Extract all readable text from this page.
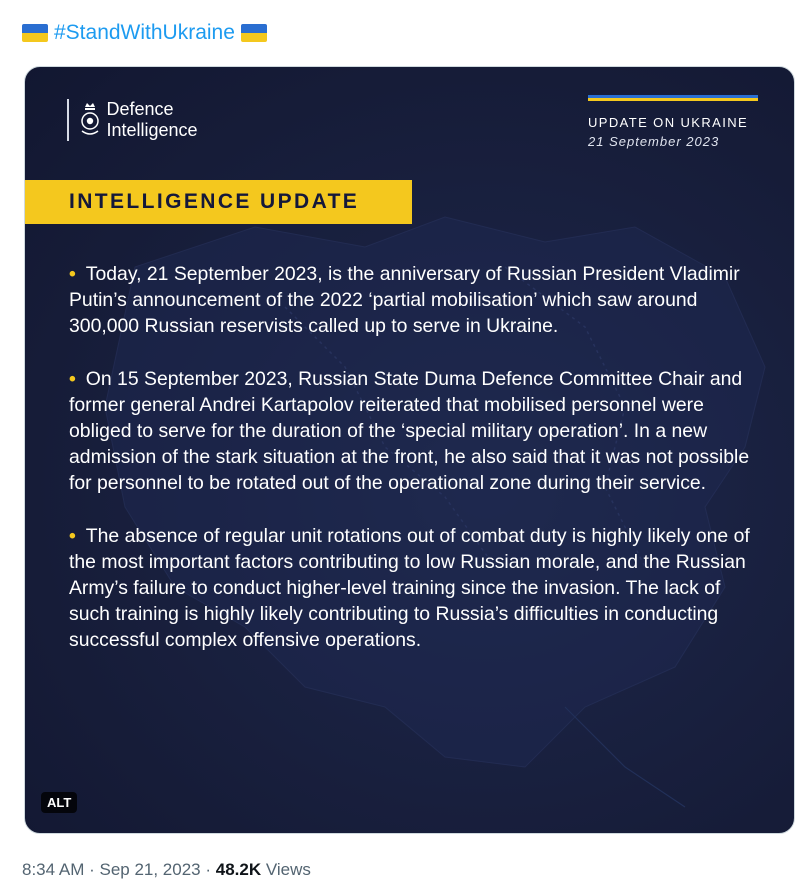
#StandWithUkraine
Defence
Intelligence	UPDATE ON UKRAINE
21 September 2023
INTELLIGENCE UPDATE

• Today, 21 September 2023, is the anniversary of Russian President Vladimir Putin’s announcement of the 2022 ‘partial mobilisation’ which saw around 300,000 Russian reservists called up to serve in Ukraine.

• On 15 September 2023, Russian State Duma Defence Committee Chair and former general Andrei Kartapolov reiterated that mobilised personnel were obliged to serve for the duration of the ‘special military operation’. In a new admission of the stark situation at the front, he also said that it was not possible for personnel to be rotated out of the operational zone during their service.

• The absence of regular unit rotations out of combat duty is highly likely one of the most important factors contributing to low Russian morale, and the Russian Army’s failure to conduct higher-level training since the invasion. The lack of such training is highly likely contributing to Russia’s difficulties in conducting successful complex offensive operations.

ALT
8:34 AM · Sep 21, 2023 · 48.2K Views
